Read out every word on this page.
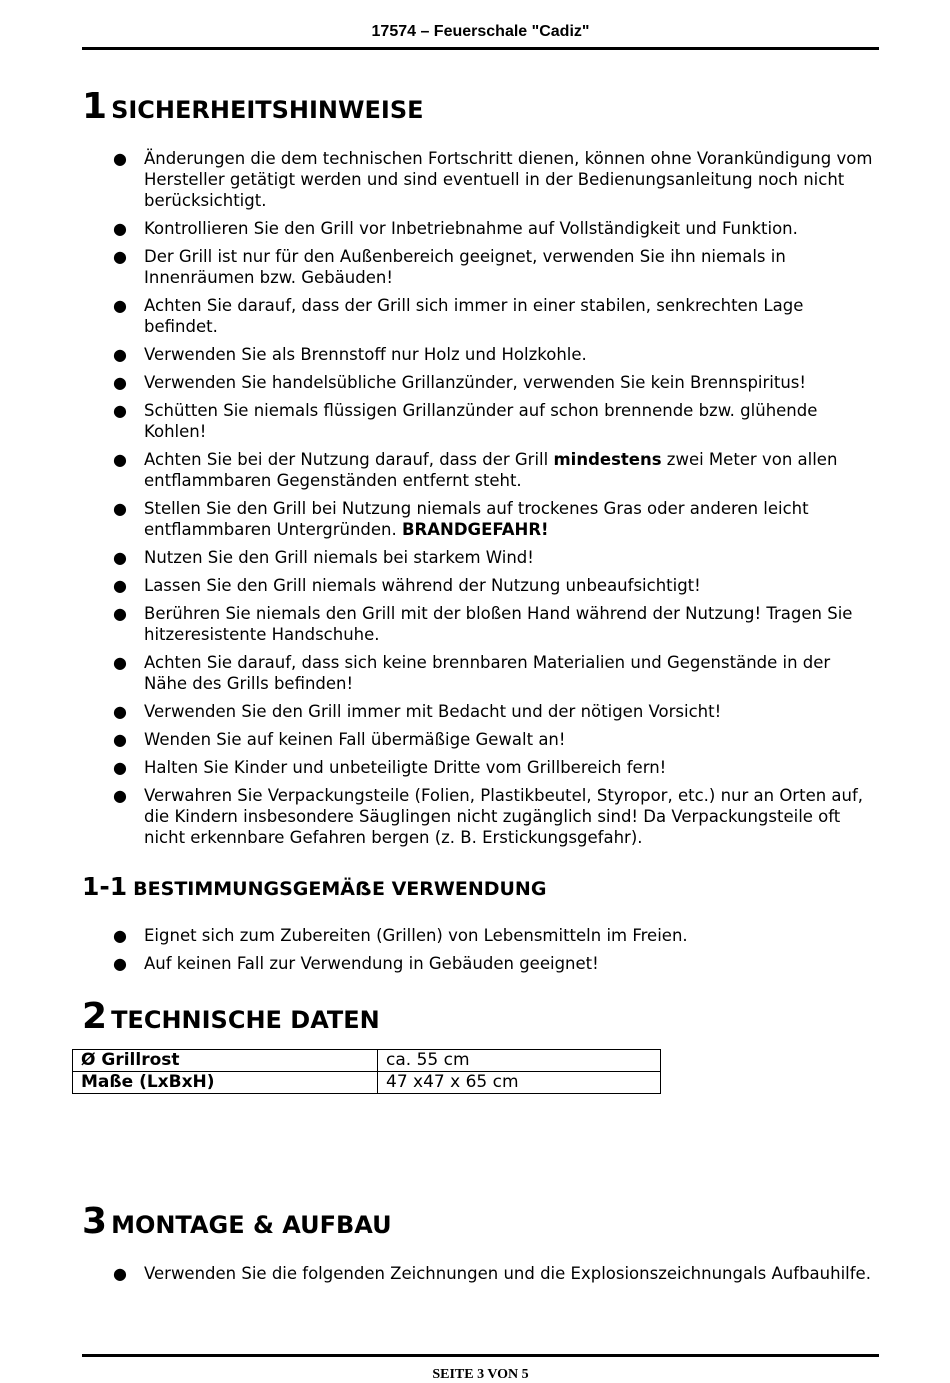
17574 – Feuerschale "Cadiz"
1 SICHERHEITSHINWEISE
● Änderungen die dem technischen Fortschritt dienen, können ohne Vorankündigung vom Hersteller getätigt werden und sind eventuell in der Bedienungsanleitung noch nicht berücksichtigt.
● Kontrollieren Sie den Grill vor Inbetriebnahme auf Vollständigkeit und Funktion.
● Der Grill ist nur für den Außenbereich geeignet, verwenden Sie ihn niemals in Innenräumen bzw. Gebäuden!
● Achten Sie darauf, dass der Grill sich immer in einer stabilen, senkrechten Lage befindet.
● Verwenden Sie als Brennstoff nur Holz und Holzkohle.
● Verwenden Sie handelsübliche Grillanzünder, verwenden Sie kein Brennspiritus!
● Schütten Sie niemals flüssigen Grillanzünder auf schon brennende bzw. glühende Kohlen!
● Achten Sie bei der Nutzung darauf, dass der Grill mindestens zwei Meter von allen entflammbaren Gegenständen entfernt steht.
● Stellen Sie den Grill bei Nutzung niemals auf trockenes Gras oder anderen leicht entflammbaren Untergründen. BRANDGEFAHR!
● Nutzen Sie den Grill niemals bei starkem Wind!
● Lassen Sie den Grill niemals während der Nutzung unbeaufsichtigt!
● Berühren Sie niemals den Grill mit der bloßen Hand während der Nutzung! Tragen Sie hitzeresistente Handschuhe.
● Achten Sie darauf, dass sich keine brennbaren Materialien und Gegenstände in der Nähe des Grills befinden!
● Verwenden Sie den Grill immer mit Bedacht und der nötigen Vorsicht!
● Wenden Sie auf keinen Fall übermäßige Gewalt an!
● Halten Sie Kinder und unbeteiligte Dritte vom Grillbereich fern!
● Verwahren Sie Verpackungsteile (Folien, Plastikbeutel, Styropor, etc.) nur an Orten auf, die Kindern insbesondere Säuglingen nicht zugänglich sind! Da Verpackungsteile oft nicht erkennbare Gefahren bergen (z. B. Erstickungsgefahr).
1-1 BESTIMMUNGSGEMÄẞE VERWENDUNG
● Eignet sich zum Zubereiten (Grillen) von Lebensmitteln im Freien.
● Auf keinen Fall zur Verwendung in Gebäuden geeignet!
2 TECHNISCHE DATEN
Ø Grillrost	ca. 55 cm
Maße (LxBxH)	47 x47 x 65 cm
3 MONTAGE & AUFBAU
● Verwenden Sie die folgenden Zeichnungen und die Explosionszeichnungals Aufbauhilfe.
SEITE 3 VON 5
